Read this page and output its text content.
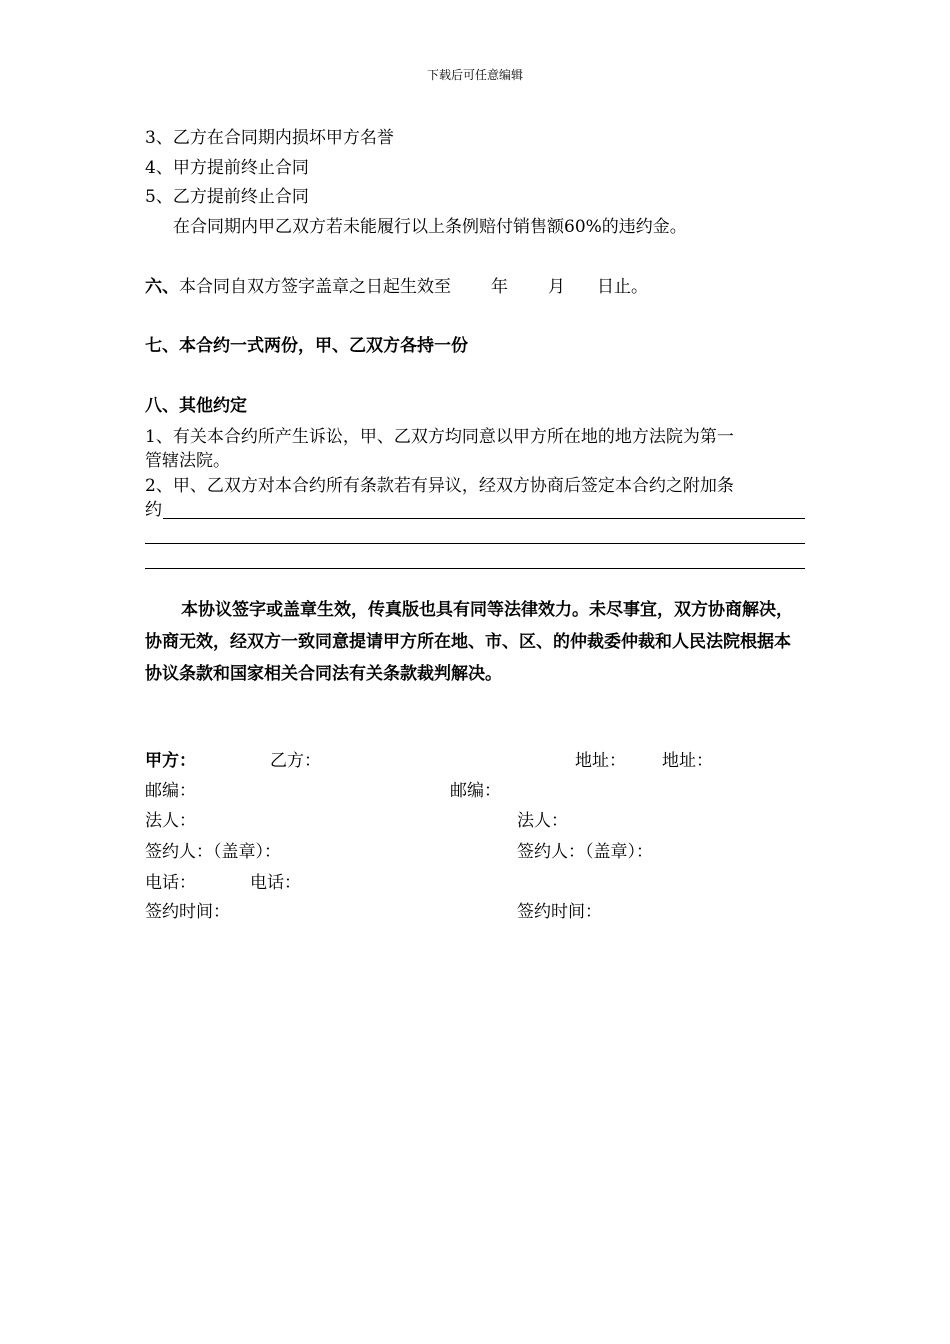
下载后可任意编辑
3、乙方在合同期内损坏甲方名誉
4、甲方提前终止合同
5、乙方提前终止合同
在合同期内甲乙双方若未能履行以上条例赔付销售额60%的违约金。
六、本合同自双方签字盖章之日起生效至 年 月 日止。
七、本合约一式两份，甲、乙双方各持一份
八、其他约定
1、有关本合约所产生诉讼，甲、乙双方均同意以甲方所在地的地方法院为第一
管辖法院。
2、甲、乙双方对本合约所有条款若有异议，经双方协商后签定本合约之附加条
约
本协议签字或盖章生效，传真版也具有同等法律效力。未尽事宜，双方协商解决，协商无效，经双方一致同意提请甲方所在地、市、区、的仲裁委仲裁和人民法院根据本协议条款和国家相关合同法有关条款裁判解决。
甲方：	乙方：	地址： 地址：
邮编：	邮编：
法人：	法人：
签约人：（盖章）：	签约人：（盖章）：
电话：	电话：
签约时间：	签约时间：
